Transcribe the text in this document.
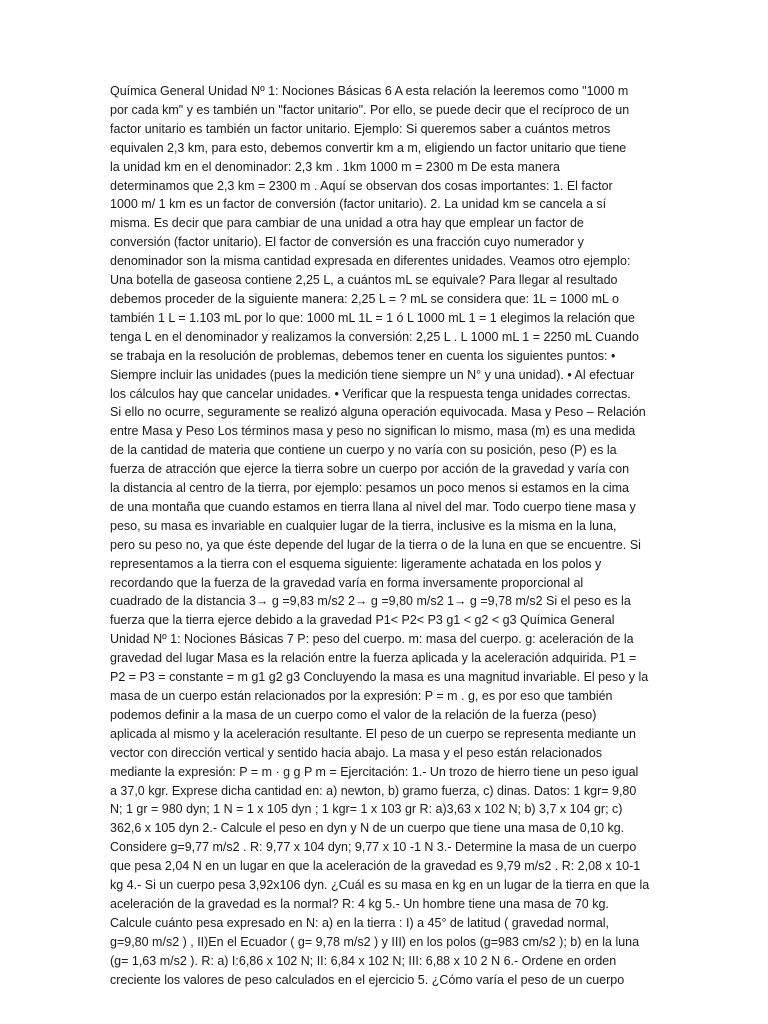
Química General Unidad Nº 1: Nociones Básicas 6 A esta relación la leeremos como "1000 m
por cada km" y es también un "factor unitario". Por ello, se puede decir que el recíproco de un
factor unitario es también un factor unitario. Ejemplo: Si queremos saber a cuántos metros
equivalen 2,3 km, para esto, debemos convertir km a m, eligiendo un factor unitario que tiene
la unidad km en el denominador: 2,3 km . 1km 1000 m = 2300 m De esta manera
determinamos que 2,3 km = 2300 m . Aquí se observan dos cosas importantes: 1. El factor
1000 m/ 1 km es un factor de conversión (factor unitario). 2. La unidad km se cancela a sí
misma. Es decir que para cambiar de una unidad a otra hay que emplear un factor de
conversión (factor unitario). El factor de conversión es una fracción cuyo numerador y
denominador son la misma cantidad expresada en diferentes unidades. Veamos otro ejemplo:
Una botella de gaseosa contiene 2,25 L, a cuántos mL se equivale? Para llegar al resultado
debemos proceder de la siguiente manera: 2,25 L = ? mL se considera que: 1L = 1000 mL o
también 1 L = 1.103 mL por lo que: 1000 mL 1L = 1 ó L 1000 mL 1 = 1 elegimos la relación que
tenga L en el denominador y realizamos la conversión: 2,25 L . L 1000 mL 1 = 2250 mL Cuando
se trabaja en la resolución de problemas, debemos tener en cuenta los siguientes puntos: •
Siempre incluir las unidades (pues la medición tiene siempre un N° y una unidad). • Al efectuar
los cálculos hay que cancelar unidades. • Verificar que la respuesta tenga unidades correctas.
Si ello no ocurre, seguramente se realizó alguna operación equivocada. Masa y Peso – Relación
entre Masa y Peso Los términos masa y peso no significan lo mismo, masa (m) es una medida
de la cantidad de materia que contiene un cuerpo y no varía con su posición, peso (P) es la
fuerza de atracción que ejerce la tierra sobre un cuerpo por acción de la gravedad y varía con
la distancia al centro de la tierra, por ejemplo: pesamos un poco menos si estamos en la cima
de una montaña que cuando estamos en tierra llana al nivel del mar. Todo cuerpo tiene masa y
peso, su masa es invariable en cualquier lugar de la tierra, inclusive es la misma en la luna,
pero su peso no, ya que éste depende del lugar de la tierra o de la luna en que se encuentre. Si
representamos a la tierra con el esquema siguiente: ligeramente achatada en los polos y
recordando que la fuerza de la gravedad varía en forma inversamente proporcional al
cuadrado de la distancia 3→ g =9,83 m/s2 2→ g =9,80 m/s2 1→ g =9,78 m/s2 Si el peso es la
fuerza que la tierra ejerce debido a la gravedad P1< P2< P3 g1 < g2 < g3 Química General
Unidad Nº 1: Nociones Básicas 7 P: peso del cuerpo. m: masa del cuerpo. g: aceleración de la
gravedad del lugar Masa es la relación entre la fuerza aplicada y la aceleración adquirida. P1 =
P2 = P3 = constante = m g1 g2 g3 Concluyendo la masa es una magnitud invariable. El peso y la
masa de un cuerpo están relacionados por la expresión: P = m . g, es por eso que también
podemos definir a la masa de un cuerpo como el valor de la relación de la fuerza (peso)
aplicada al mismo y la aceleración resultante. El peso de un cuerpo se representa mediante un
vector con dirección vertical y sentido hacia abajo. La masa y el peso están relacionados
mediante la expresión: P = m · g g P m = Ejercitación: 1.- Un trozo de hierro tiene un peso igual
a 37,0 kgr. Exprese dicha cantidad en: a) newton, b) gramo fuerza, c) dinas. Datos: 1 kgr= 9,80
N; 1 gr = 980 dyn; 1 N = 1 x 105 dyn ; 1 kgr= 1 x 103 gr R: a)3,63 x 102 N; b) 3,7 x 104 gr; c)
362,6 x 105 dyn 2.- Calcule el peso en dyn y N de un cuerpo que tiene una masa de 0,10 kg.
Considere g=9,77 m/s2 . R: 9,77 x 104 dyn; 9,77 x 10 -1 N 3.- Determine la masa de un cuerpo
que pesa 2,04 N en un lugar en que la aceleración de la gravedad es 9,79 m/s2 . R: 2,08 x 10-1
kg 4.- Si un cuerpo pesa 3,92x106 dyn. ¿Cuál es su masa en kg en un lugar de la tierra en que la
aceleración de la gravedad es la normal? R: 4 kg 5.- Un hombre tiene una masa de 70 kg.
Calcule cuánto pesa expresado en N: a) en la tierra : I) a 45° de latitud ( gravedad normal,
g=9,80 m/s2 ) , II)En el Ecuador ( g= 9,78 m/s2 ) y III) en los polos (g=983 cm/s2 ); b) en la luna
(g= 1,63 m/s2 ). R: a) I:6,86 x 102 N; II: 6,84 x 102 N; III: 6,88 x 10 2 N 6.- Ordene en orden
creciente los valores de peso calculados en el ejercicio 5. ¿Cómo varía el peso de un cuerpo
